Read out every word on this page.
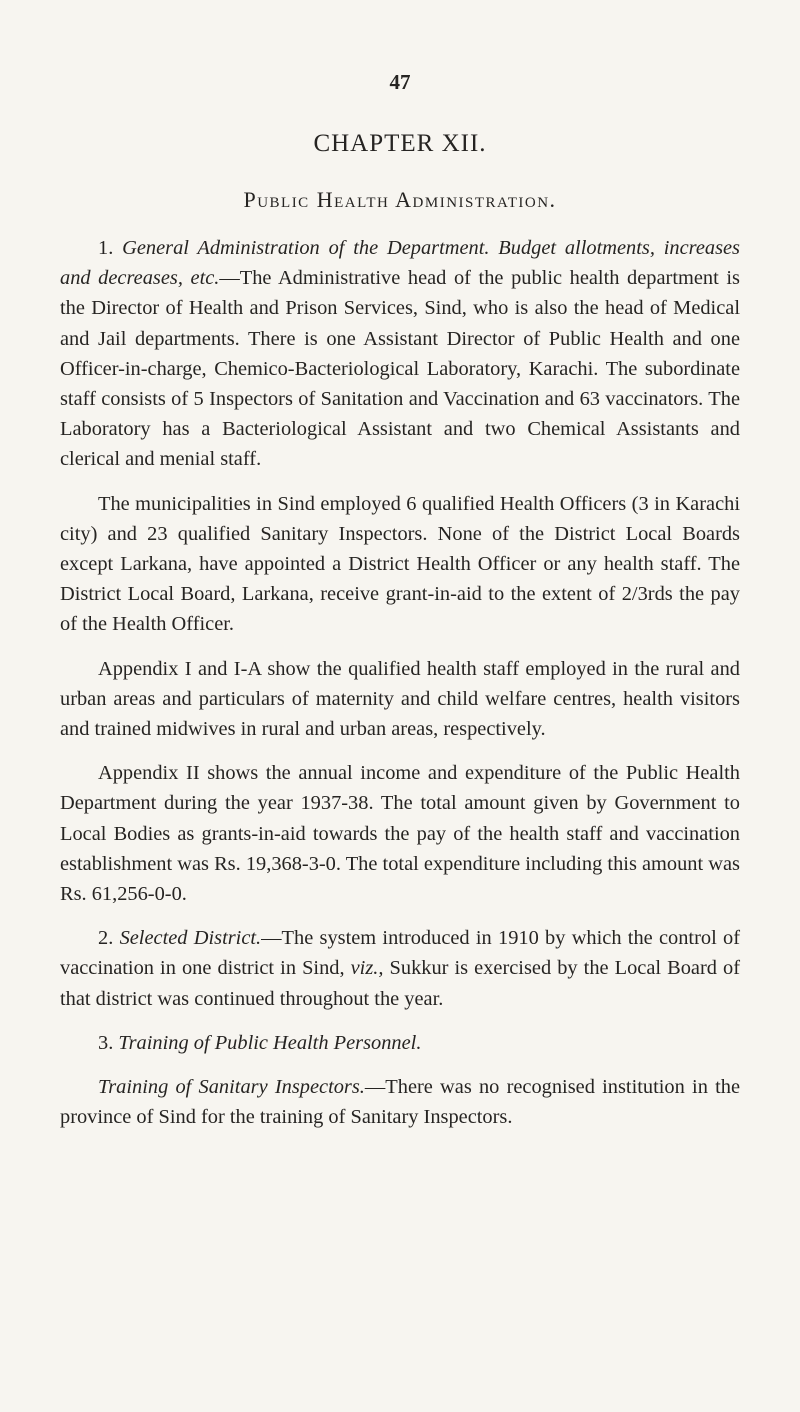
47
CHAPTER XII.
Public Health Administration.

1. General Administration of the Department. Budget allotments, increases and decreases, etc.—The Administrative head of the public health department is the Director of Health and Prison Services, Sind, who is also the head of Medical and Jail departments. There is one Assistant Director of Public Health and one Officer-in-charge, Chemico-Bacteriological Laboratory, Karachi. The subordinate staff consists of 5 Inspectors of Sanitation and Vaccination and 63 vaccinators. The Laboratory has a Bacteriological Assistant and two Chemical Assistants and clerical and menial staff.

The municipalities in Sind employed 6 qualified Health Officers (3 in Karachi city) and 23 qualified Sanitary Inspectors. None of the District Local Boards except Larkana, have appointed a District Health Officer or any health staff. The District Local Board, Larkana, receive grant-in-aid to the extent of 2/3rds the pay of the Health Officer.

Appendix I and I-A show the qualified health staff employed in the rural and urban areas and particulars of maternity and child welfare centres, health visitors and trained midwives in rural and urban areas, respectively.

Appendix II shows the annual income and expenditure of the Public Health Department during the year 1937-38. The total amount given by Government to Local Bodies as grants-in-aid towards the pay of the health staff and vaccination establishment was Rs. 19,368-3-0. The total expenditure including this amount was Rs. 61,256-0-0.

2. Selected District.—The system introduced in 1910 by which the control of vaccination in one district in Sind, viz., Sukkur is exercised by the Local Board of that district was continued throughout the year.

3. Training of Public Health Personnel.

Training of Sanitary Inspectors.—There was no recognised institution in the province of Sind for the training of Sanitary Inspectors.
